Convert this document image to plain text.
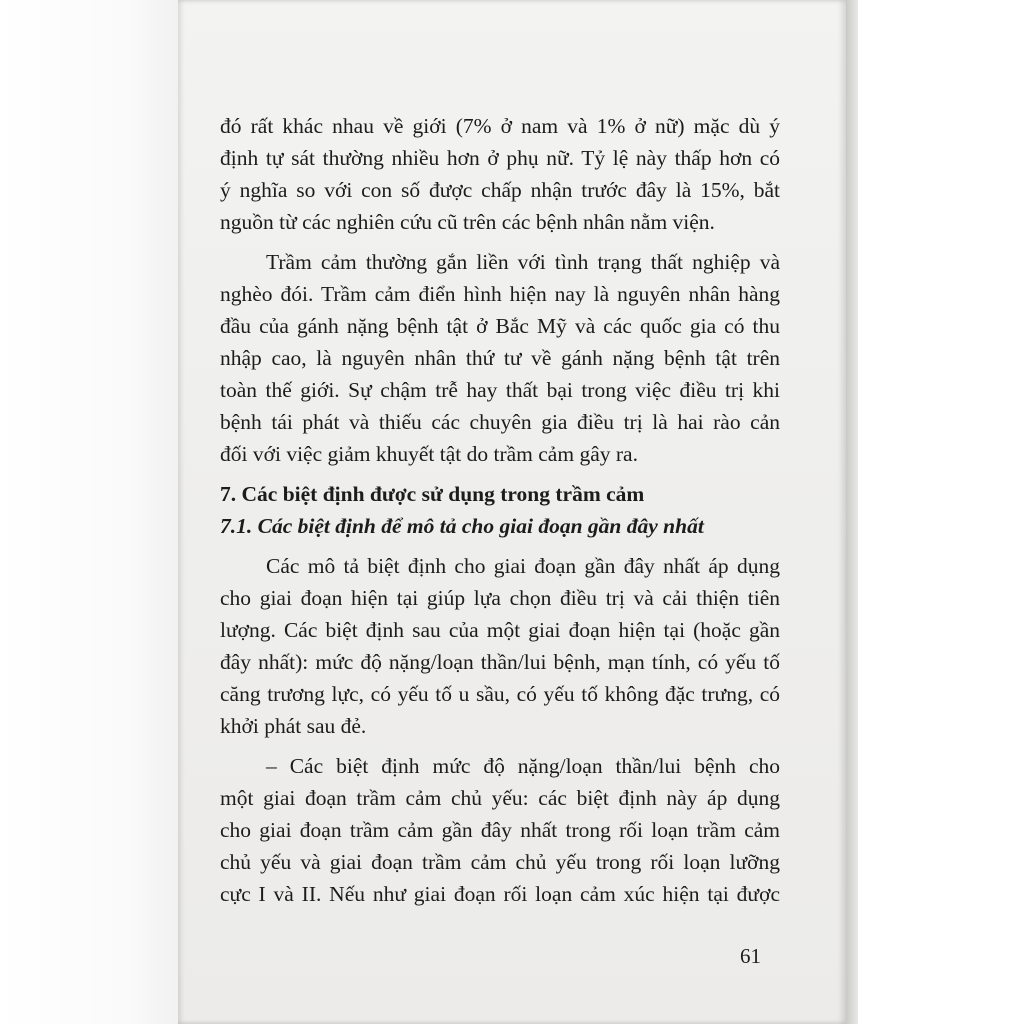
đó rất khác nhau về giới (7% ở nam và 1% ở nữ) mặc dù ý
định tự sát thường nhiều hơn ở phụ nữ. Tỷ lệ này thấp hơn có
ý nghĩa so với con số được chấp nhận trước đây là 15%, bắt
nguồn từ các nghiên cứu cũ trên các bệnh nhân nằm viện.
Trầm cảm thường gắn liền với tình trạng thất nghiệp và
nghèo đói. Trầm cảm điển hình hiện nay là nguyên nhân hàng
đầu của gánh nặng bệnh tật ở Bắc Mỹ và các quốc gia có thu
nhập cao, là nguyên nhân thứ tư về gánh nặng bệnh tật trên
toàn thế giới. Sự chậm trễ hay thất bại trong việc điều trị khi
bệnh tái phát và thiếu các chuyên gia điều trị là hai rào cản
đối với việc giảm khuyết tật do trầm cảm gây ra.
7. Các biệt định được sử dụng trong trầm cảm
7.1. Các biệt định để mô tả cho giai đoạn gần đây nhất
Các mô tả biệt định cho giai đoạn gần đây nhất áp dụng
cho giai đoạn hiện tại giúp lựa chọn điều trị và cải thiện tiên
lượng. Các biệt định sau của một giai đoạn hiện tại (hoặc gần
đây nhất): mức độ nặng/loạn thần/lui bệnh, mạn tính, có yếu tố
căng trương lực, có yếu tố u sầu, có yếu tố không đặc trưng, có
khởi phát sau đẻ.
– Các biệt định mức độ nặng/loạn thần/lui bệnh cho
một giai đoạn trầm cảm chủ yếu: các biệt định này áp dụng
cho giai đoạn trầm cảm gần đây nhất trong rối loạn trầm cảm
chủ yếu và giai đoạn trầm cảm chủ yếu trong rối loạn lưỡng
cực I và II. Nếu như giai đoạn rối loạn cảm xúc hiện tại được
61
